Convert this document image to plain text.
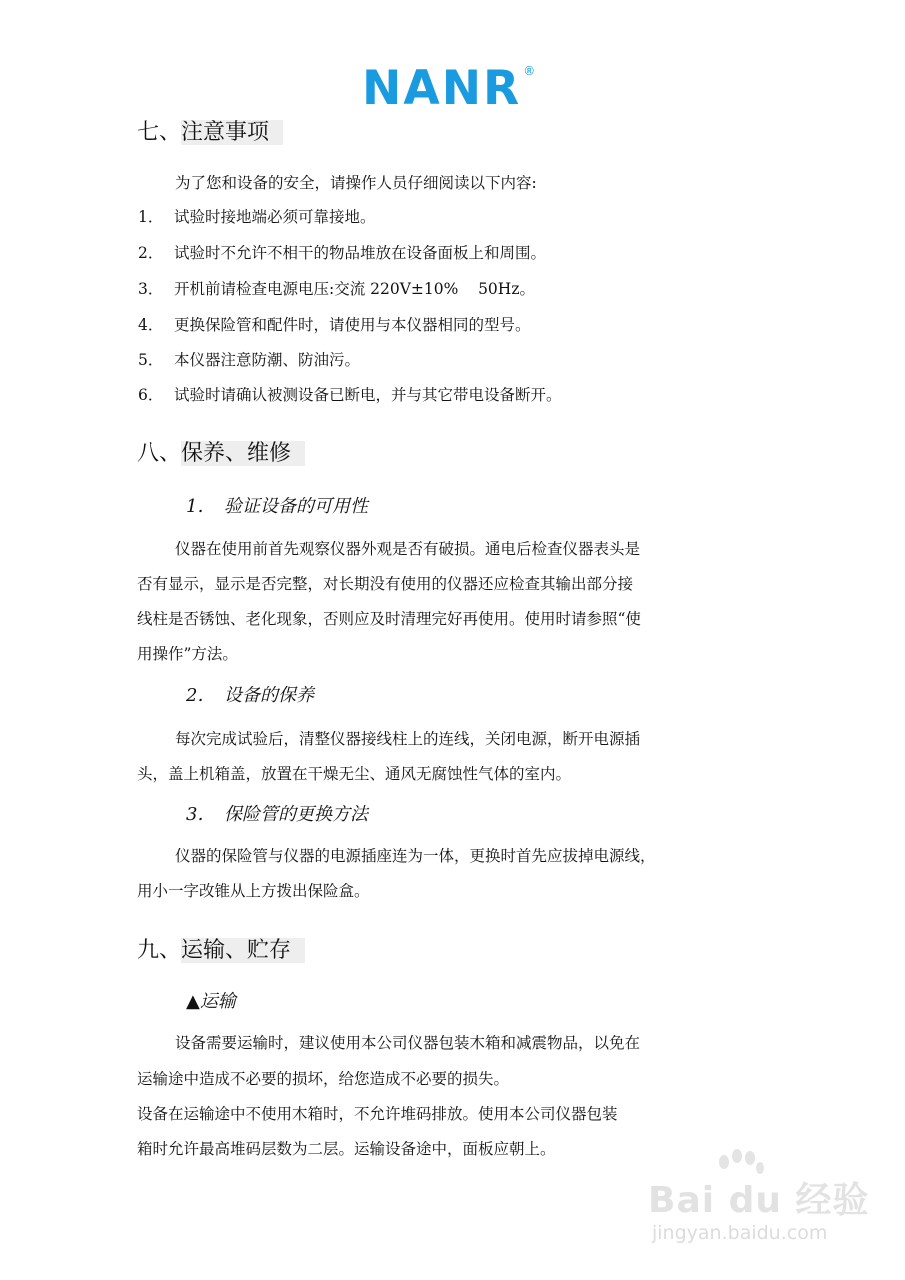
NANR ®
七、注意事项
为了您和设备的安全，请操作人员仔细阅读以下内容:
1． 试验时接地端必须可靠接地。
2． 试验时不允许不相干的物品堆放在设备面板上和周围。
3． 开机前请检查电源电压:交流 220V±10%    50Hz。
4． 更换保险管和配件时，请使用与本仪器相同的型号。
5． 本仪器注意防潮、防油污。
6． 试验时请确认被测设备已断电，并与其它带电设备断开。
八、保养、维修
1． 验证设备的可用性
仪器在使用前首先观察仪器外观是否有破损。通电后检查仪器表头是
否有显示，显示是否完整，对长期没有使用的仪器还应检查其输出部分接
线柱是否锈蚀、老化现象，否则应及时清理完好再使用。使用时请参照“使
用操作”方法。
2． 设备的保养
每次完成试验后，清整仪器接线柱上的连线，关闭电源，断开电源插
头，盖上机箱盖，放置在干燥无尘、通风无腐蚀性气体的室内。
3． 保险管的更换方法
仪器的保险管与仪器的电源插座连为一体，更换时首先应拔掉电源线，
用小一字改锥从上方拨出保险盒。
九、运输、贮存
▲运输
设备需要运输时，建议使用本公司仪器包装木箱和减震物品，以免在
运输途中造成不必要的损坏，给您造成不必要的损失。
设备在运输途中不使用木箱时，不允许堆码排放。使用本公司仪器包装
箱时允许最高堆码层数为二层。运输设备途中，面板应朝上。
Bai du 经验
jingyan.baidu.com
